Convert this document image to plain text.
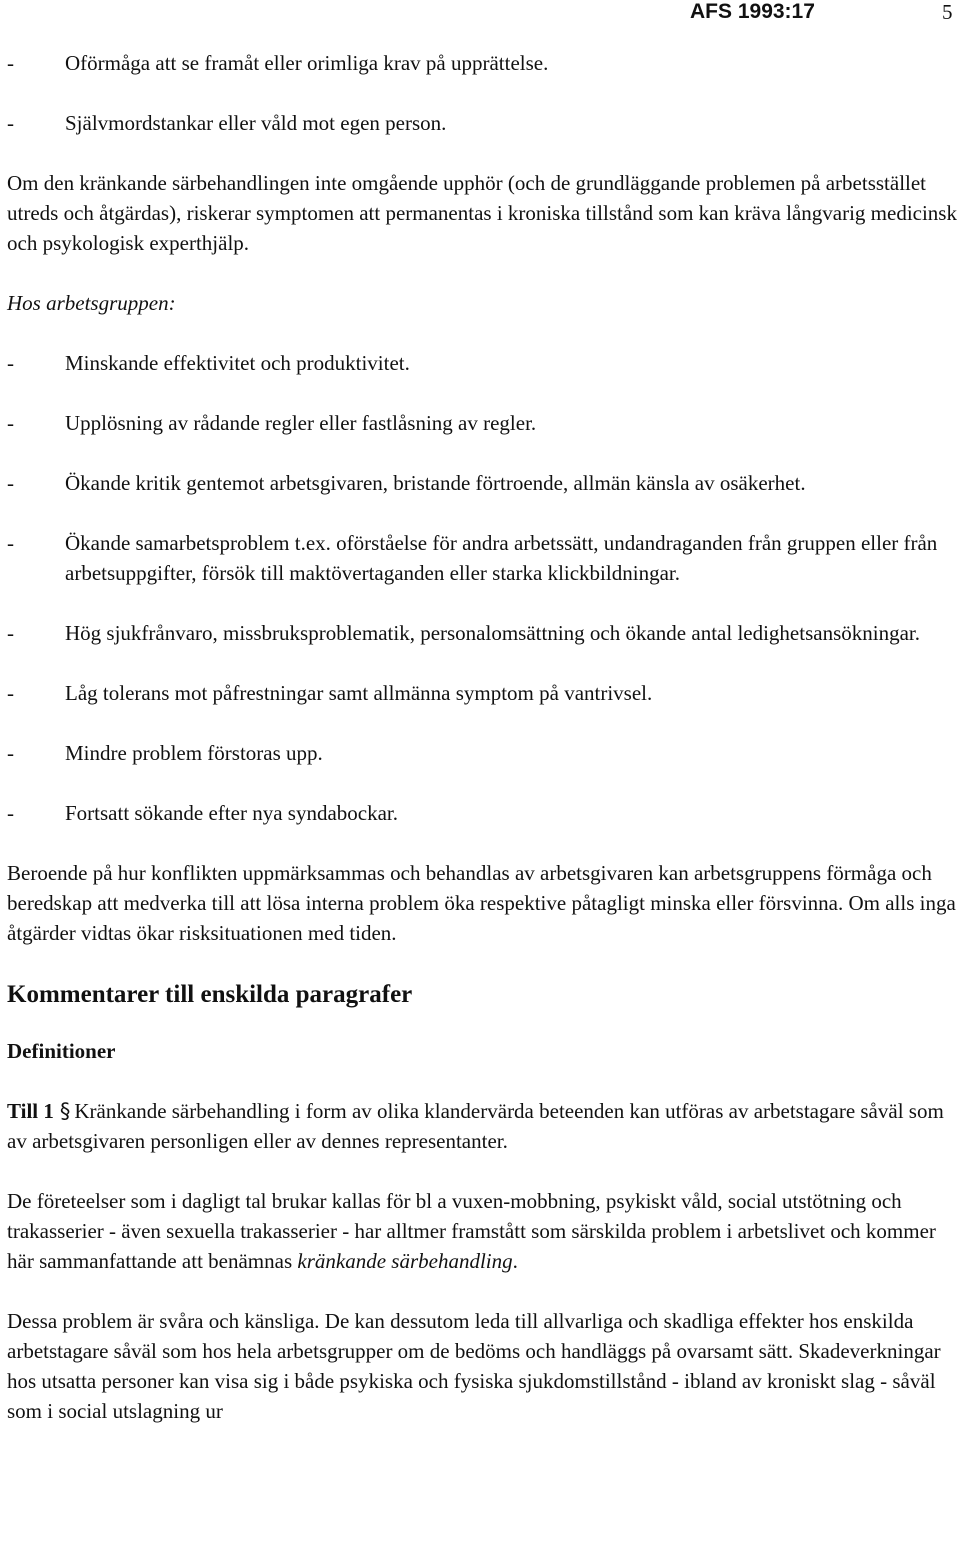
AFS 1993:17	5
- Oförmåga att se framåt eller orimliga krav på upprättelse.
- Självmordstankar eller våld mot egen person.

Om den kränkande särbehandlingen inte omgående upphör (och de grundläggande problemen på arbetsstället utreds och åtgärdas), riskerar symptomen att permanentas i kroniska tillstånd som kan kräva långvarig medicinsk och psykologisk experthjälp.

Hos arbetsgruppen:
- Minskande effektivitet och produktivitet.
- Upplösning av rådande regler eller fastlåsning av regler.
- Ökande kritik gentemot arbetsgivaren, bristande förtroende, allmän känsla av osäkerhet.
- Ökande samarbetsproblem t.ex. oförståelse för andra arbetssätt, undandraganden från gruppen eller från arbetsuppgifter, försök till maktövertaganden eller starka klickbildningar.
- Hög sjukfrånvaro, missbruksproblematik, personalomsättning och ökande antal ledighetsansökningar.
- Låg tolerans mot påfrestningar samt allmänna symptom på vantrivsel.
- Mindre problem förstoras upp.
- Fortsatt sökande efter nya syndabockar.

Beroende på hur konflikten uppmärksammas och behandlas av arbetsgivaren kan arbetsgruppens förmåga och beredskap att medverka till att lösa interna problem öka respektive påtagligt minska eller försvinna. Om alls inga åtgärder vidtas ökar risksituationen med tiden.

Kommentarer till enskilda paragrafer
Definitioner

Till 1 § Kränkande särbehandling i form av olika klandervärda beteenden kan utföras av arbetstagare såväl som av arbetsgivaren personligen eller av dennes representanter.

De företeelser som i dagligt tal brukar kallas för bl a vuxen-mobbning, psykiskt våld, social utstötning och trakasserier - även sexuella trakasserier - har alltmer framstått som särskilda problem i arbetslivet och kommer här sammanfattande att benämnas kränkande särbehandling.

Dessa problem är svåra och känsliga. De kan dessutom leda till allvarliga och skadliga effekter hos enskilda arbetstagare såväl som hos hela arbetsgrupper om de bedöms och handläggs på ovarsamt sätt. Skadeverkningar hos utsatta personer kan visa sig i både psykiska och fysiska sjukdomstillstånd - ibland av kroniskt slag - såväl som i social utslagning ur
